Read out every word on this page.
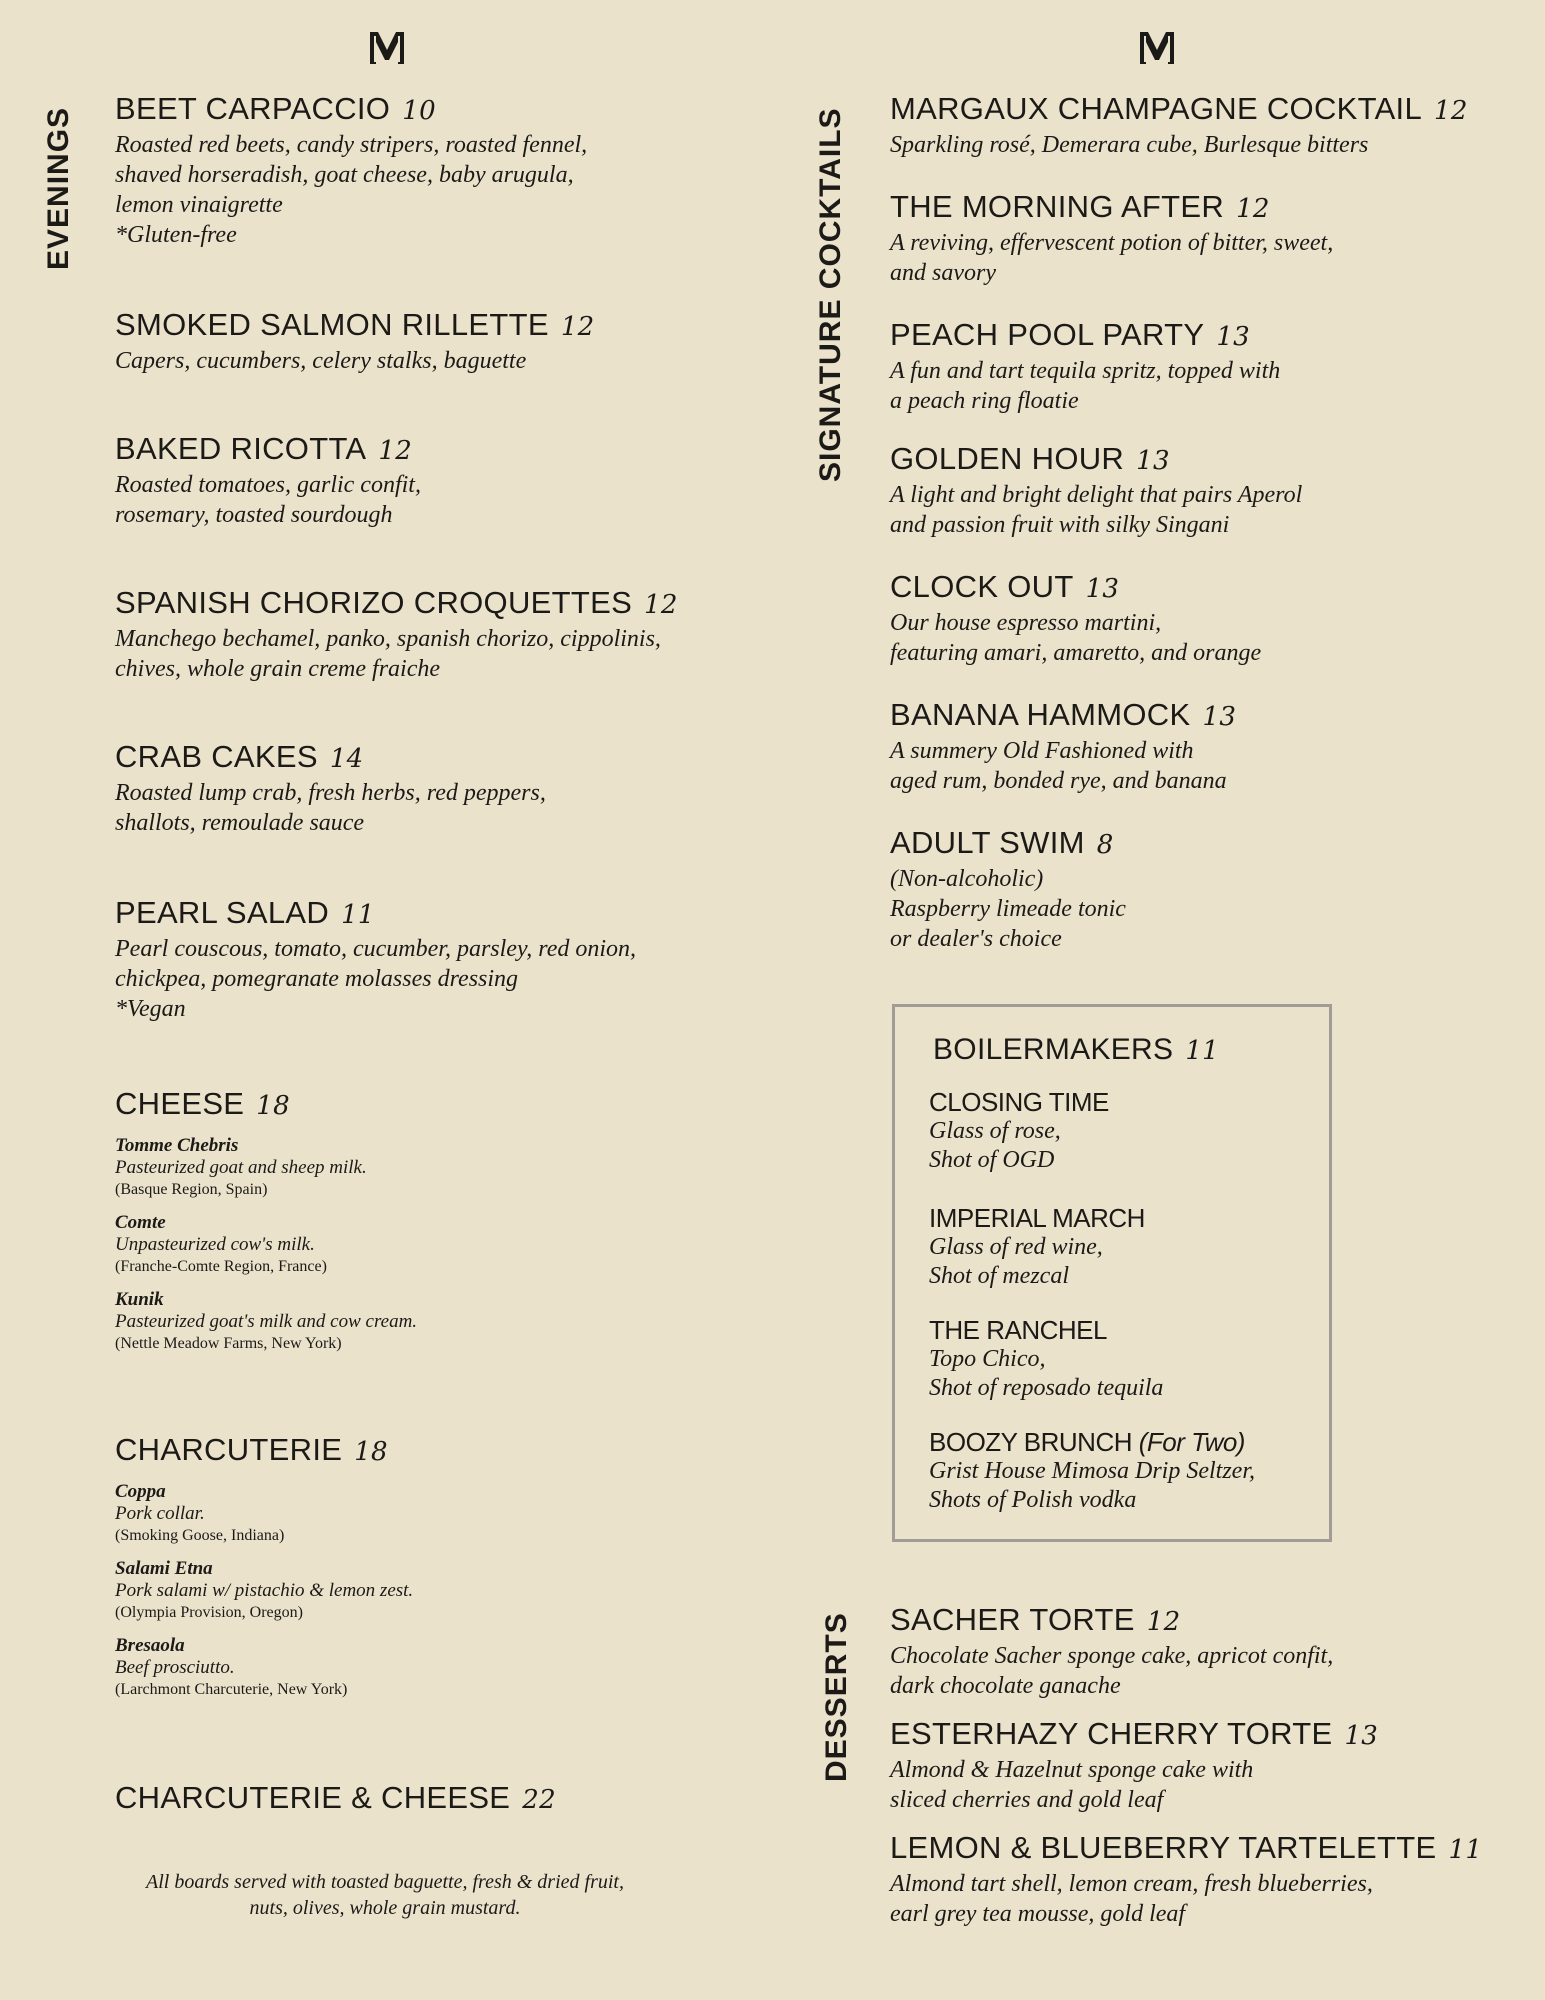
EVENINGS	SIGNATURE COCKTAILS
DESSERTS
BEET CARPACCIO 10
Roasted red beets, candy stripers, roasted fennel,
shaved horseradish, goat cheese, baby arugula,
lemon vinaigrette
*Gluten-free
SMOKED SALMON RILLETTE 12
Capers, cucumbers, celery stalks, baguette
BAKED RICOTTA 12
Roasted tomatoes, garlic confit,
rosemary, toasted sourdough
SPANISH CHORIZO CROQUETTES 12
Manchego bechamel, panko, spanish chorizo, cippolinis,
chives, whole grain creme fraiche
CRAB CAKES 14
Roasted lump crab, fresh herbs, red peppers,
shallots, remoulade sauce
PEARL SALAD 11
Pearl couscous, tomato, cucumber, parsley, red onion,
chickpea, pomegranate molasses dressing
*Vegan
CHEESE 18
Tomme Chebris
Pasteurized goat and sheep milk.
(Basque Region, Spain)
Comte
Unpasteurized cow's milk.
(Franche-Comte Region, France)
Kunik
Pasteurized goat's milk and cow cream.
(Nettle Meadow Farms, New York)
CHARCUTERIE 18
Coppa
Pork collar.
(Smoking Goose, Indiana)
Salami Etna
Pork salami w/ pistachio & lemon zest.
(Olympia Provision, Oregon)
Bresaola
Beef prosciutto.
(Larchmont Charcuterie, New York)
CHARCUTERIE & CHEESE 22
All boards served with toasted baguette, fresh & dried fruit,
nuts, olives, whole grain mustard.
MARGAUX CHAMPAGNE COCKTAIL 12
Sparkling rosé, Demerara cube, Burlesque bitters
THE MORNING AFTER 12
A reviving, effervescent potion of bitter, sweet,
and savory
PEACH POOL PARTY 13
A fun and tart tequila spritz, topped with
a peach ring floatie
GOLDEN HOUR 13
A light and bright delight that pairs Aperol
and passion fruit with silky Singani
CLOCK OUT 13
Our house espresso martini,
featuring amari, amaretto, and orange
BANANA HAMMOCK 13
A summery Old Fashioned with
aged rum, bonded rye, and banana
ADULT SWIM 8
(Non-alcoholic)
Raspberry limeade tonic
or dealer's choice
SACHER TORTE 12
Chocolate Sacher sponge cake, apricot confit,
dark chocolate ganache
ESTERHAZY CHERRY TORTE 13
Almond & Hazelnut sponge cake with
sliced cherries and gold leaf
LEMON & BLUEBERRY TARTELETTE 11
Almond tart shell, lemon cream, fresh blueberries,
earl grey tea mousse, gold leaf
BOILERMAKERS 11
CLOSING TIME
Glass of rose,
Shot of OGD
IMPERIAL MARCH
Glass of red wine,
Shot of mezcal
THE RANCHEL
Topo Chico,
Shot of reposado tequila
BOOZY BRUNCH (For Two)
Grist House Mimosa Drip Seltzer,
Shots of Polish vodka
